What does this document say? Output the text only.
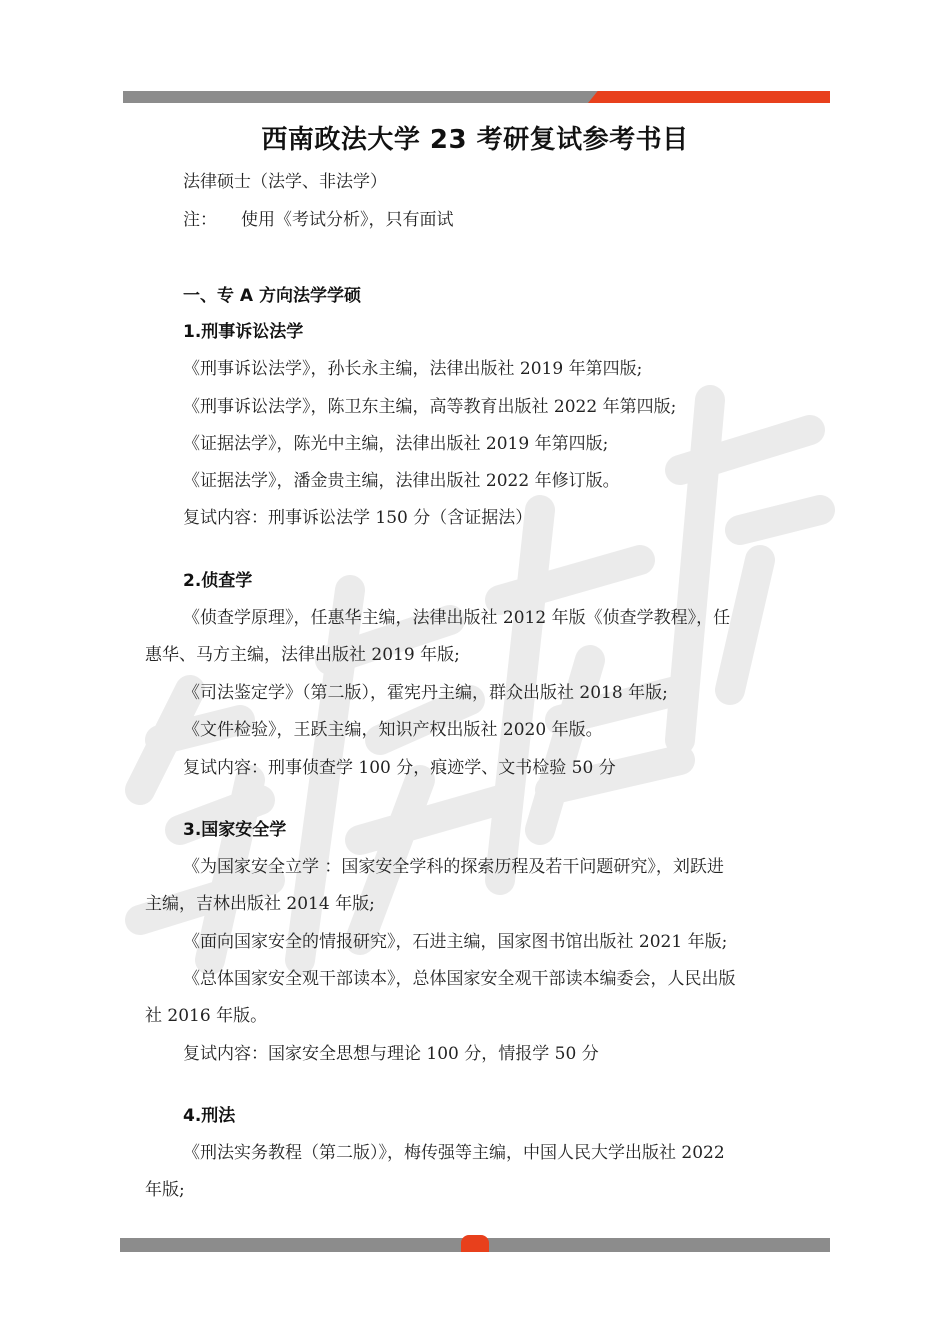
西南政法大学 23 考研复试参考书目
法律硕士（法学、非法学）
注： 使用《考试分析》，只有面试
一、专 A 方向法学学硕
1.刑事诉讼法学
《刑事诉讼法学》，孙长永主编，法律出版社 2019 年第四版;
《刑事诉讼法学》，陈卫东主编，高等教育出版社 2022 年第四版;
《证据法学》，陈光中主编，法律出版社 2019 年第四版;
《证据法学》，潘金贵主编，法律出版社 2022 年修订版。
复试内容：刑事诉讼法学 150 分（含证据法）
2.侦查学
《侦查学原理》，任惠华主编，法律出版社 2012 年版《侦查学教程》，任
惠华、马方主编，法律出版社 2019 年版;
《司法鉴定学》（第二版），霍宪丹主编，群众出版社 2018 年版;
《文件检验》，王跃主编，知识产权出版社 2020 年版。
复试内容：刑事侦查学 100 分，痕迹学、文书检验 50 分
3.国家安全学
《为国家安全立学 ：国家安全学科的探索历程及若干问题研究》，刘跃进
主编，吉林出版社 2014 年版;
《面向国家安全的情报研究》，石进主编，国家图书馆出版社 2021 年版;
《总体国家安全观干部读本》，总体国家安全观干部读本编委会，人民出版
社 2016 年版。
复试内容：国家安全思想与理论 100 分，情报学 50 分
4.刑法
《刑法实务教程（第二版）》，梅传强等主编，中国人民大学出版社 2022
年版;
